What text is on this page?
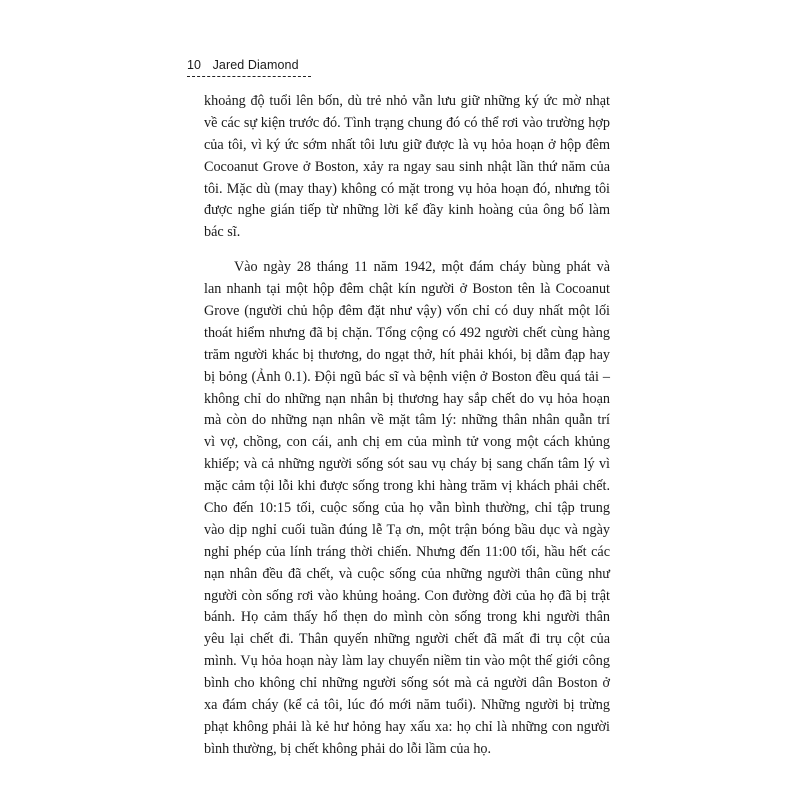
10 Jared Diamond
khoảng độ tuổi lên bốn, dù trẻ nhỏ vẫn lưu giữ những ký ức mờ nhạt
về các sự kiện trước đó. Tình trạng chung đó có thể rơi vào trường hợp
của tôi, vì ký ức sớm nhất tôi lưu giữ được là vụ hỏa hoạn ở hộp đêm
Cocoanut Grove ở Boston, xảy ra ngay sau sinh nhật lần thứ năm của
tôi. Mặc dù (may thay) không có mặt trong vụ hỏa hoạn đó, nhưng tôi
được nghe gián tiếp từ những lời kể đầy kinh hoàng của ông bố làm
bác sĩ.
Vào ngày 28 tháng 11 năm 1942, một đám cháy bùng phát và
lan nhanh tại một hộp đêm chật kín người ở Boston tên là Cocoanut
Grove (người chủ hộp đêm đặt như vậy) vốn chỉ có duy nhất một lối
thoát hiểm nhưng đã bị chặn. Tổng cộng có 492 người chết cùng hàng
trăm người khác bị thương, do ngạt thở, hít phải khói, bị dẫm đạp hay
bị bỏng (Ảnh 0.1). Đội ngũ bác sĩ và bệnh viện ở Boston đều quá tải –
không chỉ do những nạn nhân bị thương hay sắp chết do vụ hỏa hoạn
mà còn do những nạn nhân về mặt tâm lý: những thân nhân quẫn trí
vì vợ, chồng, con cái, anh chị em của mình tử vong một cách khủng
khiếp; và cả những người sống sót sau vụ cháy bị sang chấn tâm lý vì
mặc cảm tội lỗi khi được sống trong khi hàng trăm vị khách phải chết.
Cho đến 10:15 tối, cuộc sống của họ vẫn bình thường, chỉ tập trung
vào dịp nghỉ cuối tuần đúng lễ Tạ ơn, một trận bóng bầu dục và ngày
nghỉ phép của lính tráng thời chiến. Nhưng đến 11:00 tối, hầu hết các
nạn nhân đều đã chết, và cuộc sống của những người thân cũng như
người còn sống rơi vào khủng hoảng. Con đường đời của họ đã bị trật
bánh. Họ cảm thấy hổ thẹn do mình còn sống trong khi người thân
yêu lại chết đi. Thân quyến những người chết đã mất đi trụ cột của
mình. Vụ hỏa hoạn này làm lay chuyển niềm tin vào một thế giới công
bình cho không chỉ những người sống sót mà cả người dân Boston ở
xa đám cháy (kể cả tôi, lúc đó mới năm tuổi). Những người bị trừng
phạt không phải là kẻ hư hỏng hay xấu xa: họ chỉ là những con người
bình thường, bị chết không phải do lỗi lầm của họ.
